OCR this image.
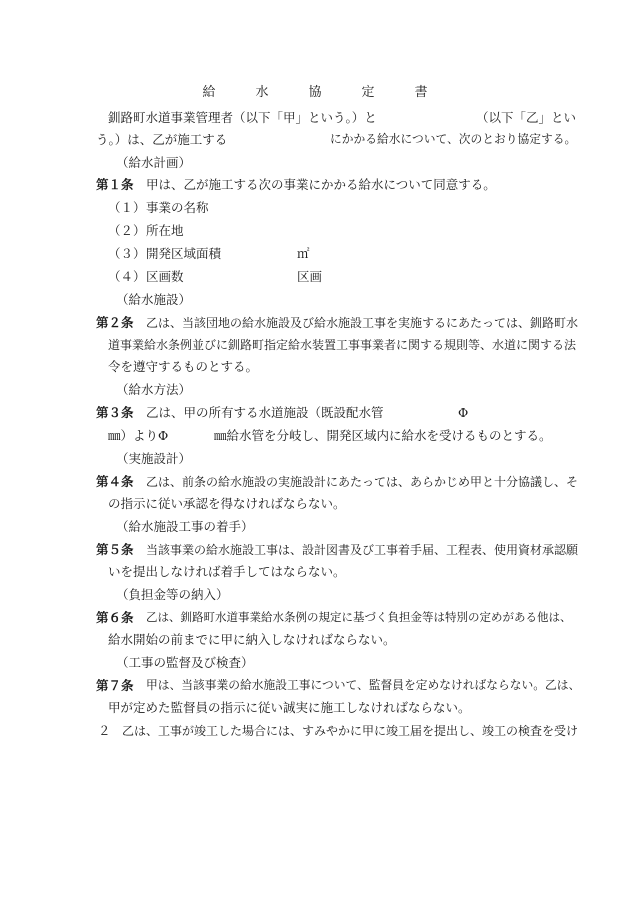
給	水	協	定	書
釧路町水道事業管理者（以下「甲」という。）と	（以下「乙」とい
う。）は、乙が施工する	にかかる給水について、次のとおり協定する。
（給水計画）
第１条 甲は、乙が施工する次の事業にかかる給水について同意する。
（１） 事業の名称
（２） 所在地
（３） 開発区域面積	㎡
（４） 区画数	区画
（給水施設）
第２条 乙は、当該団地の給水施設及び給水施設工事を実施するにあたっては、釧路町水
道事業給水条例並びに釧路町指定給水装置工事事業者に関する規則等、水道に関する法
令を遵守するものとする。
（給水方法）
第３条 乙は、甲の所有する水道施設（既設配水管	Φ
㎜）よりΦ	㎜給水管を分岐し、開発区域内に給水を受けるものとする。
（実施設計）
第４条 乙は、前条の給水施設の実施設計にあたっては、あらかじめ甲と十分協議し、そ
の指示に従い承認を得なければならない。
（給水施設工事の着手）
第５条 当該事業の給水施設工事は、設計図書及び工事着手届、工程表、使用資材承認願
いを提出しなければ着手してはならない。
（負担金等の納入）
第６条 乙は、釧路町水道事業給水条例の規定に基づく負担金等は特別の定めがある他は、
給水開始の前までに甲に納入しなければならない。
（工事の監督及び検査）
第７条 甲は、当該事業の給水施設工事について、監督員を定めなければならない。乙は、
甲が定めた監督員の指示に従い誠実に施工しなければならない。
２ 乙は、工事が竣工した場合には、すみやかに甲に竣工届を提出し、竣工の検査を受け
